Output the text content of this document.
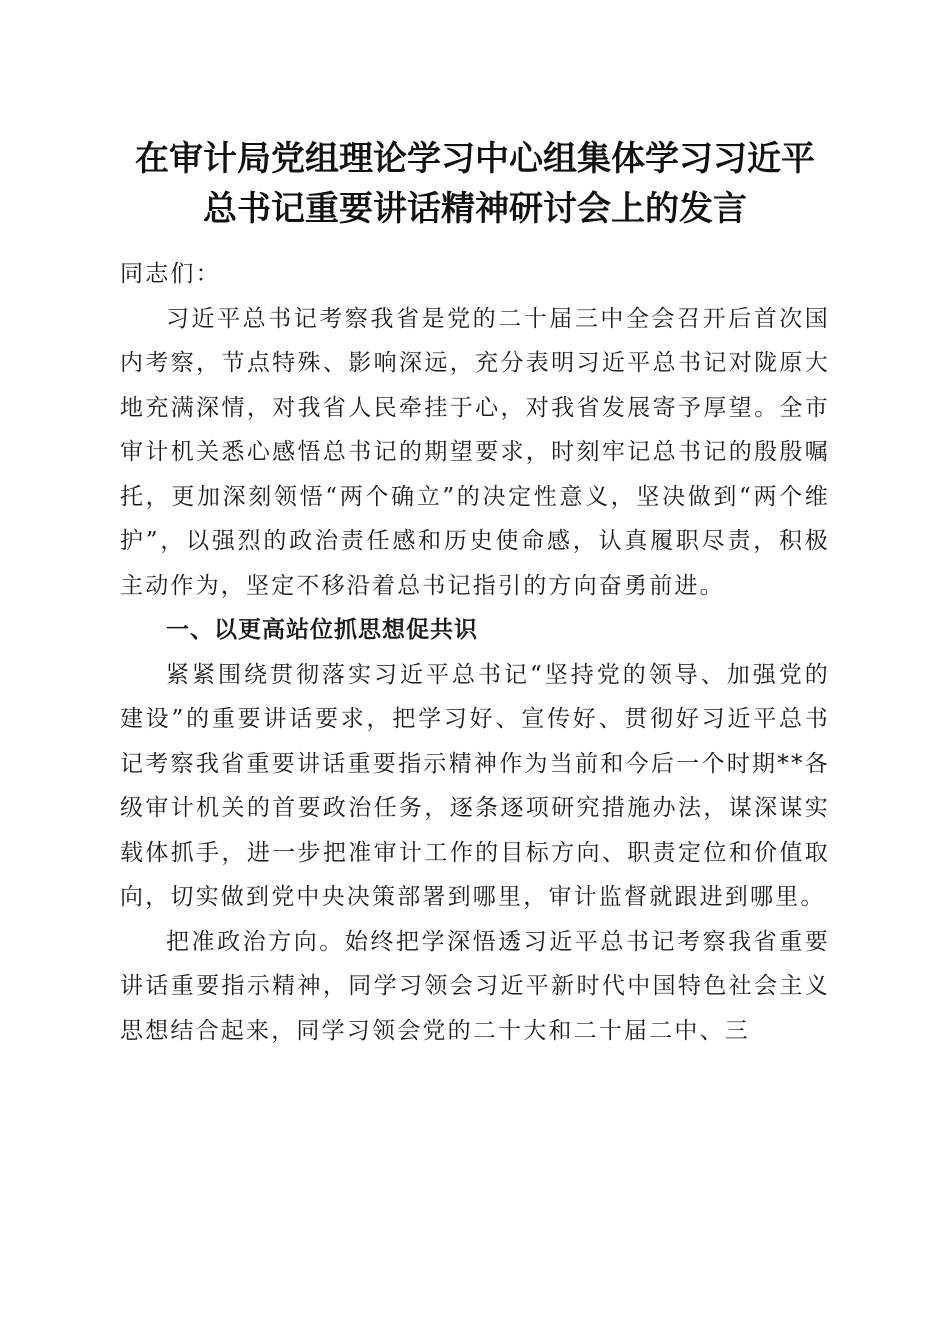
在审计局党组理论学习中心组集体学习习近平
总书记重要讲话精神研讨会上的发言

同志们：

习近平总书记考察我省是党的二十届三中全会召开后首次国内考察，节点特殊、影响深远，充分表明习近平总书记对陇原大地充满深情，对我省人民牵挂于心，对我省发展寄予厚望。全市审计机关悉心感悟总书记的期望要求，时刻牢记总书记的殷殷嘱托，更加深刻领悟“两个确立”的决定性意义，坚决做到“两个维护”，以强烈的政治责任感和历史使命感，认真履职尽责，积极主动作为，坚定不移沿着总书记指引的方向奋勇前进。

一、以更高站位抓思想促共识

紧紧围绕贯彻落实习近平总书记“坚持党的领导、加强党的建设”的重要讲话要求，把学习好、宣传好、贯彻好习近平总书记考察我省重要讲话重要指示精神作为当前和今后一个时期**各级审计机关的首要政治任务，逐条逐项研究措施办法，谋深谋实载体抓手，进一步把准审计工作的目标方向、职责定位和价值取向，切实做到党中央决策部署到哪里，审计监督就跟进到哪里。

把准政治方向。始终把学深悟透习近平总书记考察我省重要讲话重要指示精神，同学习领会习近平新时代中国特色社会主义思想结合起来，同学习领会党的二十大和二十届二中、三
